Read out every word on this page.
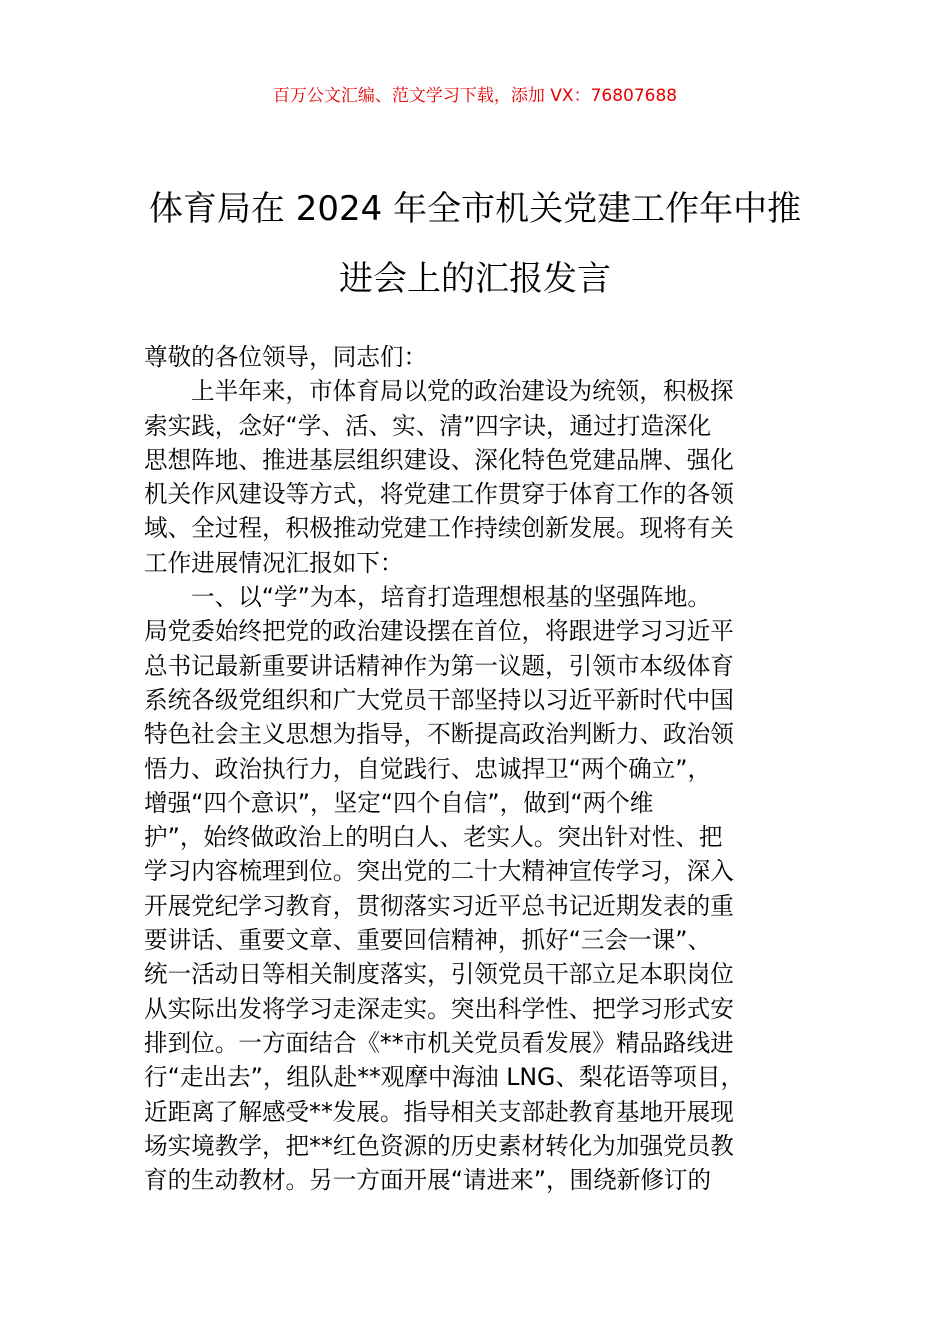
百万公文汇编、范文学习下载，添加 VX：76807688
体育局在 2024 年全市机关党建工作年中推
进会上的汇报发言
尊敬的各位领导，同志们：
上半年来，市体育局以党的政治建设为统领，积极探
索实践，念好“学、活、实、清”四字诀，通过打造深化
思想阵地、推进基层组织建设、深化特色党建品牌、强化
机关作风建设等方式，将党建工作贯穿于体育工作的各领
域、全过程，积极推动党建工作持续创新发展。现将有关
工作进展情况汇报如下：
一、以“学”为本，培育打造理想根基的坚强阵地。
局党委始终把党的政治建设摆在首位，将跟进学习习近平
总书记最新重要讲话精神作为第一议题，引领市本级体育
系统各级党组织和广大党员干部坚持以习近平新时代中国
特色社会主义思想为指导，不断提高政治判断力、政治领
悟力、政治执行力，自觉践行、忠诚捍卫“两个确立”，
增强“四个意识”，坚定“四个自信”，做到“两个维
护”，始终做政治上的明白人、老实人。突出针对性、把
学习内容梳理到位。突出党的二十大精神宣传学习，深入
开展党纪学习教育，贯彻落实习近平总书记近期发表的重
要讲话、重要文章、重要回信精神，抓好“三会一课”、
统一活动日等相关制度落实，引领党员干部立足本职岗位
从实际出发将学习走深走实。突出科学性、把学习形式安
排到位。一方面结合《**市机关党员看发展》精品路线进
行“走出去”，组队赴**观摩中海油 LNG、梨花语等项目，
近距离了解感受**发展。指导相关支部赴教育基地开展现
场实境教学，把**红色资源的历史素材转化为加强党员教
育的生动教材。另一方面开展“请进来”，围绕新修订的
